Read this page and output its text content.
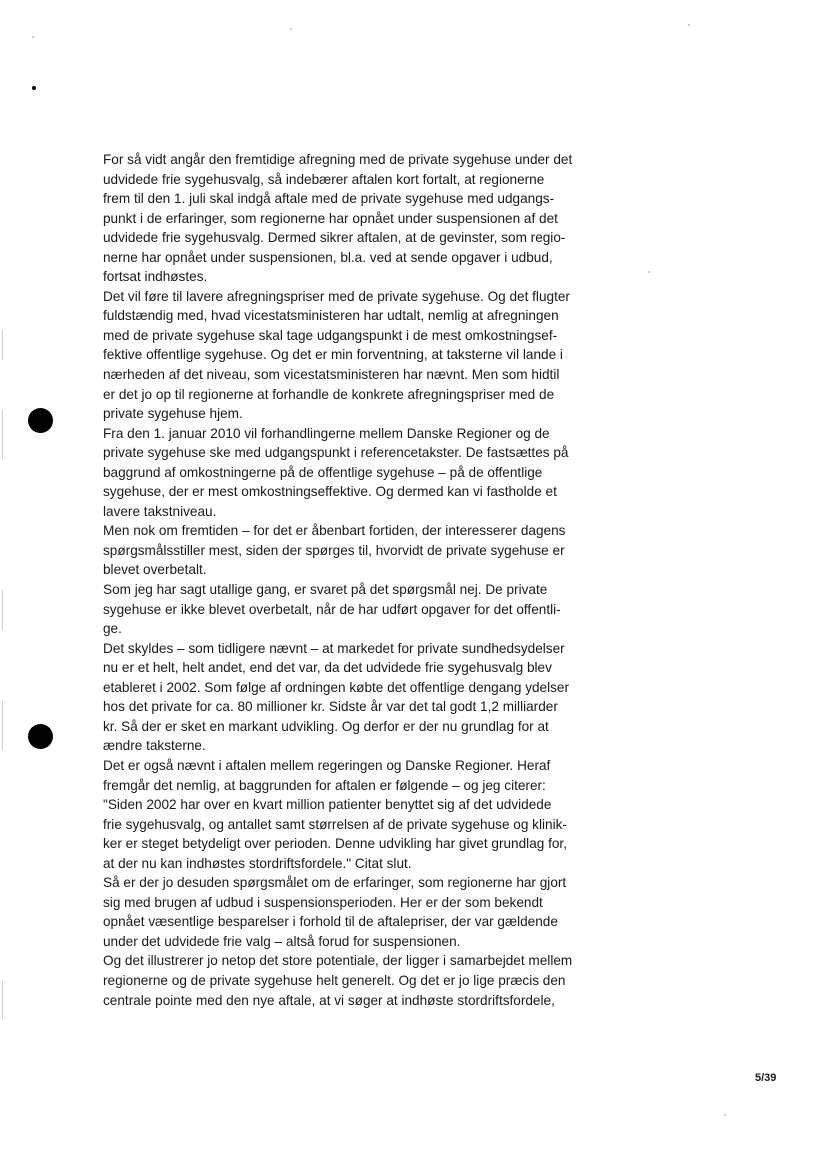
For så vidt angår den fremtidige afregning med de private sygehuse under det
udvidede frie sygehusvalg, så indebærer aftalen kort fortalt, at regionerne
frem til den 1. juli skal indgå aftale med de private sygehuse med udgangs-
punkt i de erfaringer, som regionerne har opnået under suspensionen af det
udvidede frie sygehusvalg. Dermed sikrer aftalen, at de gevinster, som regio-
nerne har opnået under suspensionen, bl.a. ved at sende opgaver i udbud,
fortsat indhøstes.
Det vil føre til lavere afregningspriser med de private sygehuse. Og det flugter
fuldstændig med, hvad vicestatsministeren har udtalt, nemlig at afregningen
med de private sygehuse skal tage udgangspunkt i de mest omkostningsef-
fektive offentlige sygehuse. Og det er min forventning, at taksterne vil lande i
nærheden af det niveau, som vicestatsministeren har nævnt. Men som hidtil
er det jo op til regionerne at forhandle de konkrete afregningspriser med de
private sygehuse hjem.
Fra den 1. januar 2010 vil forhandlingerne mellem Danske Regioner og de
private sygehuse ske med udgangspunkt i referencetakster. De fastsættes på
baggrund af omkostningerne på de offentlige sygehuse – på de offentlige
sygehuse, der er mest omkostningseffektive. Og dermed kan vi fastholde et
lavere takstniveau.
Men nok om fremtiden – for det er åbenbart fortiden, der interesserer dagens
spørgsmålsstiller mest, siden der spørges til, hvorvidt de private sygehuse er
blevet overbetalt.
Som jeg har sagt utallige gang, er svaret på det spørgsmål nej. De private
sygehuse er ikke blevet overbetalt, når de har udført opgaver for det offentli-
ge.
Det skyldes – som tidligere nævnt – at markedet for private sundhedsydelser
nu er et helt, helt andet, end det var, da det udvidede frie sygehusvalg blev
etableret i 2002. Som følge af ordningen købte det offentlige dengang ydelser
hos det private for ca. 80 millioner kr. Sidste år var det tal godt 1,2 milliarder
kr. Så der er sket en markant udvikling. Og derfor er der nu grundlag for at
ændre taksterne.
Det er også nævnt i aftalen mellem regeringen og Danske Regioner. Heraf
fremgår det nemlig, at baggrunden for aftalen er følgende – og jeg citerer:
"Siden 2002 har over en kvart million patienter benyttet sig af det udvidede
frie sygehusvalg, og antallet samt størrelsen af de private sygehuse og klinik-
ker er steget betydeligt over perioden. Denne udvikling har givet grundlag for,
at der nu kan indhøstes stordriftsfordele." Citat slut.
Så er der jo desuden spørgsmålet om de erfaringer, som regionerne har gjort
sig med brugen af udbud i suspensionsperioden. Her er der som bekendt
opnået væsentlige besparelser i forhold til de aftalepriser, der var gældende
under det udvidede frie valg – altså forud for suspensionen.
Og det illustrerer jo netop det store potentiale, der ligger i samarbejdet mellem
regionerne og de private sygehuse helt generelt. Og det er jo lige præcis den
centrale pointe med den nye aftale, at vi søger at indhøste stordriftsfordele,
5/39
